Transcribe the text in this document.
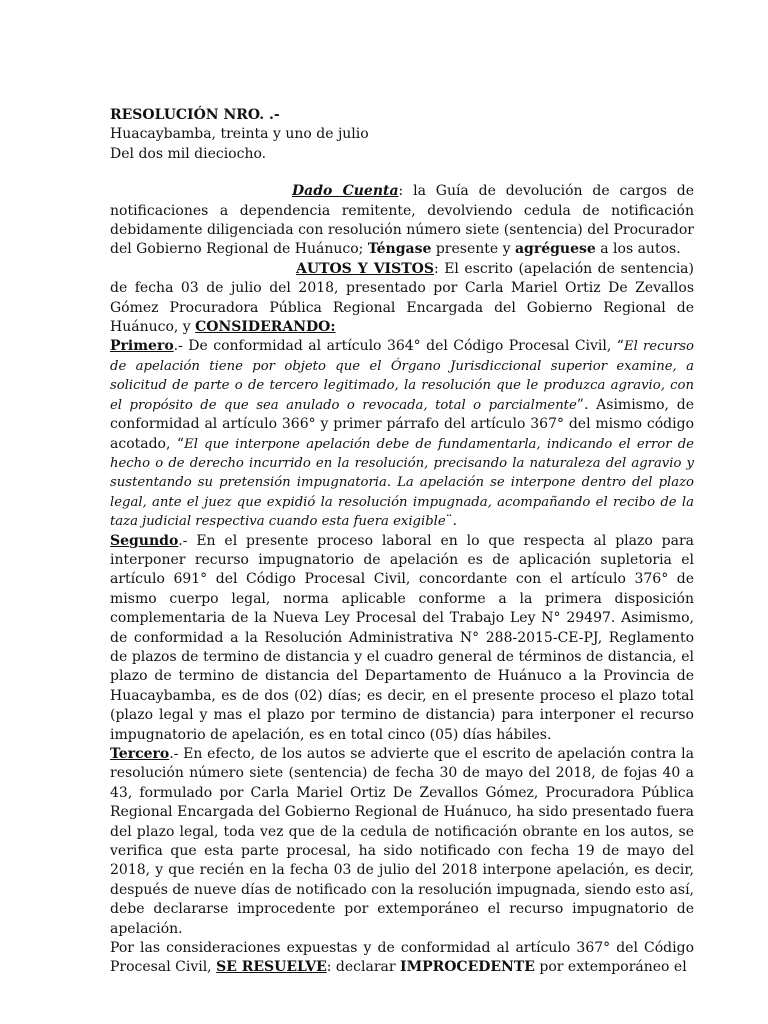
RESOLUCIÓN NRO. .-
Huacaybamba, treinta y uno de julio
Del dos mil dieciocho.

Dado Cuenta: la Guía de devolución de cargos de notificaciones a dependencia remitente, devolviendo cedula de notificación debidamente diligenciada con resolución número siete (sentencia) del Procurador del Gobierno Regional de Huánuco; Téngase presente y agréguese a los autos.

AUTOS Y VISTOS: El escrito (apelación de sentencia) de fecha 03 de julio del 2018, presentado por Carla Mariel Ortiz De Zevallos Gómez Procuradora Pública Regional Encargada del Gobierno Regional de Huánuco, y CONSIDERANDO:

Primero.- De conformidad al artículo 364° del Código Procesal Civil, “El recurso de apelación tiene por objeto que el Órgano Jurisdiccional superior examine, a solicitud de parte o de tercero legitimado, la resolución que le produzca agravio, con el propósito de que sea anulado o revocada, total o parcialmente”. Asimismo, de conformidad al artículo 366° y primer párrafo del artículo 367° del mismo código acotado, “El que interpone apelación debe de fundamentarla, indicando el error de hecho o de derecho incurrido en la resolución, precisando la naturaleza del agravio y sustentando su pretensión impugnatoria. La apelación se interpone dentro del plazo legal, ante el juez que expidió la resolución impugnada, acompañando el recibo de la taza judicial respectiva cuando esta fuera exigible¨.

Segundo.- En el presente proceso laboral en lo que respecta al plazo para interponer recurso impugnatorio de apelación es de aplicación supletoria el artículo 691° del Código Procesal Civil, concordante con el artículo 376° de mismo cuerpo legal, norma aplicable conforme a la primera disposición complementaria de la Nueva Ley Procesal del Trabajo Ley N° 29497. Asimismo, de conformidad a la Resolución Administrativa N° 288-2015-CE-PJ, Reglamento de plazos de termino de distancia y el cuadro general de términos de distancia, el plazo de termino de distancia del Departamento de Huánuco a la Provincia de Huacaybamba, es de dos (02) días; es decir, en el presente proceso el plazo total (plazo legal y mas el plazo por termino de distancia) para interponer el recurso impugnatorio de apelación, es en total cinco (05) días hábiles.

Tercero.- En efecto, de los autos se advierte que el escrito de apelación contra la resolución número siete (sentencia) de fecha 30 de mayo del 2018, de fojas 40 a 43, formulado por Carla Mariel Ortiz De Zevallos Gómez, Procuradora Pública Regional Encargada del Gobierno Regional de Huánuco, ha sido presentado fuera del plazo legal, toda vez que de la cedula de notificación obrante en los autos, se verifica que esta parte procesal, ha sido notificado con fecha 19 de mayo del 2018, y que recién en la fecha 03 de julio del 2018 interpone apelación, es decir, después de nueve días de notificado con la resolución impugnada, siendo esto así, debe declararse improcedente por extemporáneo el recurso impugnatorio de apelación.

Por las consideraciones expuestas y de conformidad al artículo 367° del Código Procesal Civil, SE RESUELVE: declarar IMPROCEDENTE por extemporáneo el
